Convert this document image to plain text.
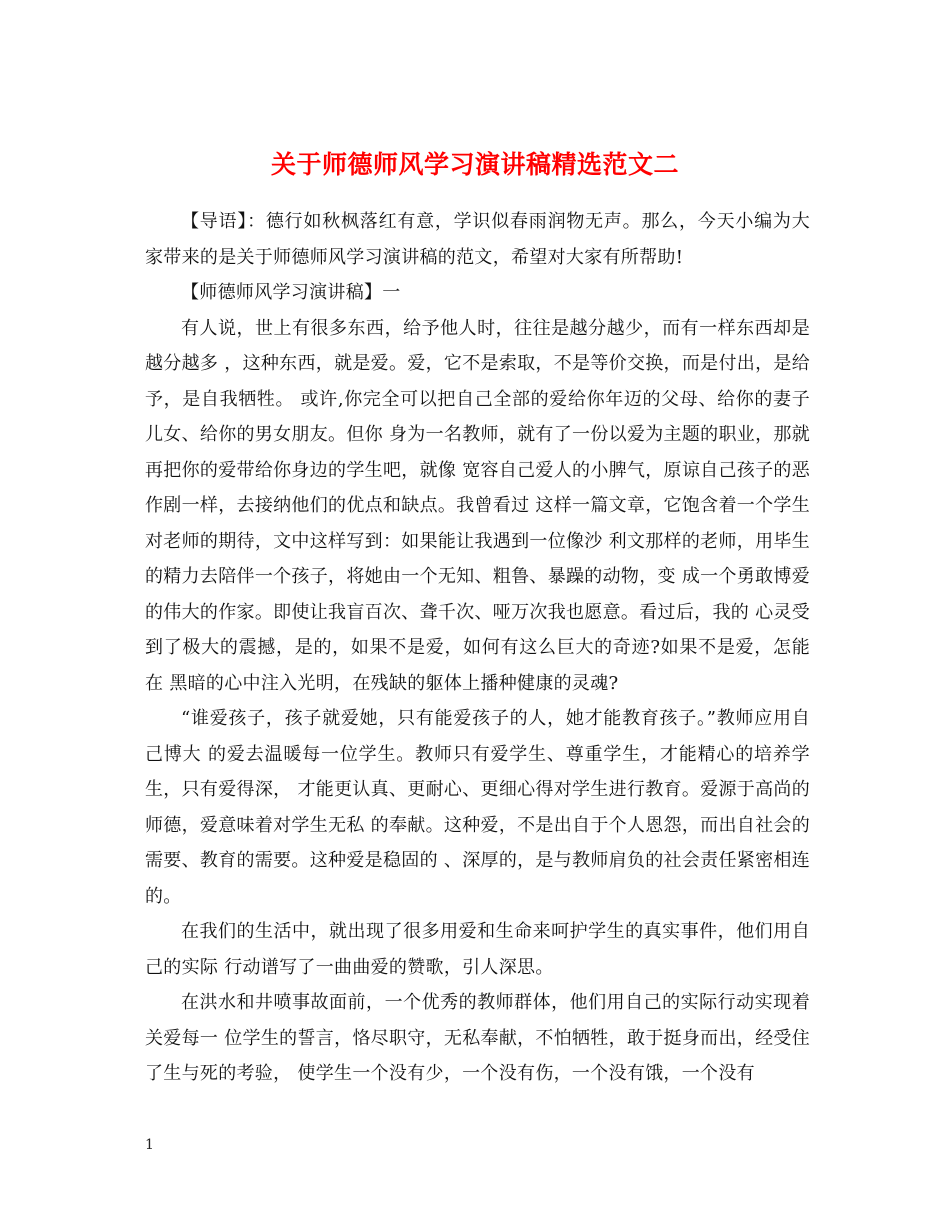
关于师德师风学习演讲稿精选范文二

【导语】：德行如秋枫落红有意，学识似春雨润物无声。那么，今天小编为大家带来的是关于师德师风学习演讲稿的范文，希望对大家有所帮助!

【师德师风学习演讲稿】一

有人说，世上有很多东西，给予他人时，往往是越分越少，而有一样东西却是越分越多 ，这种东西，就是爱。爱，它不是索取，不是等价交换，而是付出，是给予，是自我牺牲。 或许,你完全可以把自己全部的爱给你年迈的父母、给你的妻子儿女、给你的男女朋友。但你 身为一名教师，就有了一份以爱为主题的职业，那就再把你的爱带给你身边的学生吧，就像 宽容自己爱人的小脾气，原谅自己孩子的恶作剧一样，去接纳他们的优点和缺点。我曾看过 这样一篇文章，它饱含着一个学生对老师的期待，文中这样写到：如果能让我遇到一位像沙 利文那样的老师，用毕生的精力去陪伴一个孩子，将她由一个无知、粗鲁、暴躁的动物，变 成一个勇敢博爱的伟大的作家。即使让我盲百次、聋千次、哑万次我也愿意。看过后，我的 心灵受到了极大的震撼，是的，如果不是爱，如何有这么巨大的奇迹?如果不是爱，怎能在 黑暗的心中注入光明，在残缺的躯体上播种健康的灵魂?

“谁爱孩子，孩子就爱她，只有能爱孩子的人，她才能教育孩子。”教师应用自己博大 的爱去温暖每一位学生。教师只有爱学生、尊重学生，才能精心的培养学生，只有爱得深， 才能更认真、更耐心、更细心得对学生进行教育。爱源于高尚的师德，爱意味着对学生无私 的奉献。这种爱，不是出自于个人恩怨，而出自社会的需要、教育的需要。这种爱是稳固的 、深厚的，是与教师肩负的社会责任紧密相连的。

在我们的生活中，就出现了很多用爱和生命来呵护学生的真实事件，他们用自己的实际 行动谱写了一曲曲爱的赞歌，引人深思。

在洪水和井喷事故面前，一个优秀的教师群体，他们用自己的实际行动实现着关爱每一 位学生的誓言，恪尽职守，无私奉献，不怕牺牲，敢于挺身而出，经受住了生与死的考验， 使学生一个没有少，一个没有伤，一个没有饿，一个没有

1
